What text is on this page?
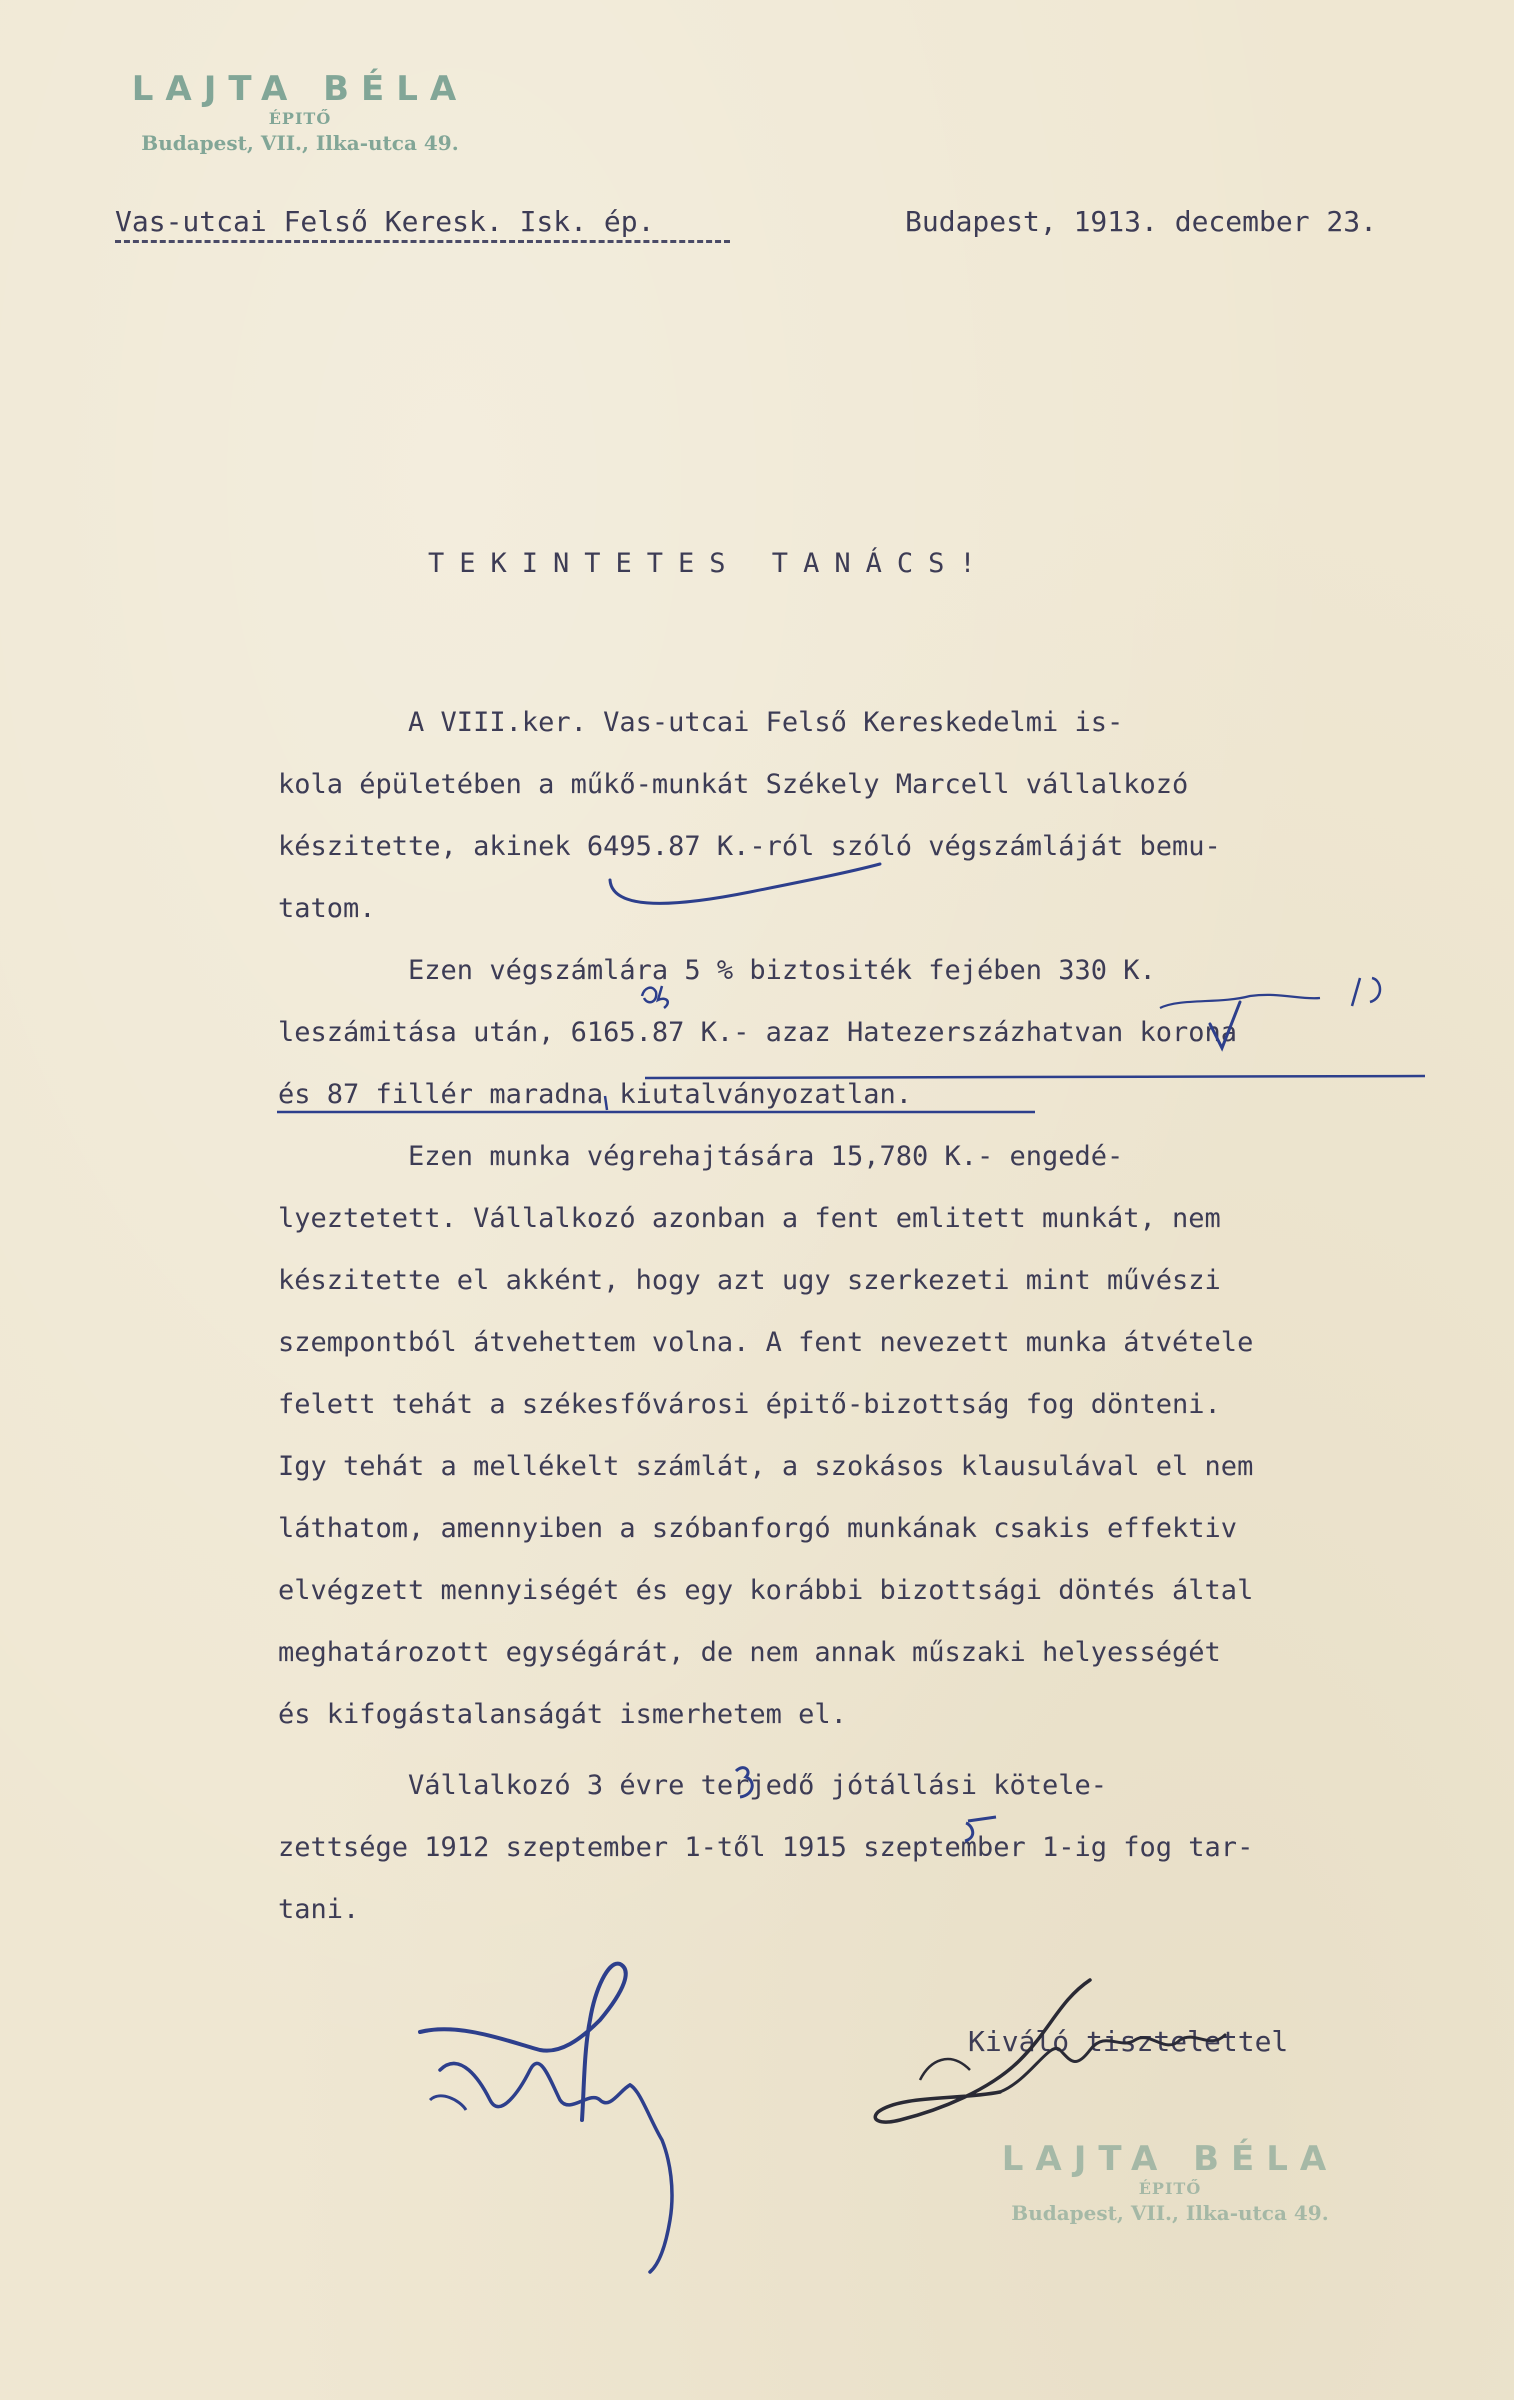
LAJTA BÉLA
ÉPITŐ
Budapest, VII., Ilka-utca 49.
Vas-utcai Felső Keresk. Isk. ép.	Budapest, 1913. december 23.
TEKINTETES TANÁCS!
A VIII.ker. Vas-utcai Felső Kereskedelmi is-
kola épületében a műkő-munkát Székely Marcell vállalkozó
készitette, akinek 6495.87 K.-ról szóló végszámláját bemu-
tatom.
Ezen végszámlára 5 % biztositék fejében 330 K.
leszámitása után, 6165.87 K.- azaz Hatezerszázhatvan korona
és 87 fillér maradna kiutalványozatlan.
Ezen munka végrehajtására 15,780 K.- engedé-
lyeztetett. Vállalkozó azonban a fent emlitett munkát, nem
készitette el akként, hogy azt ugy szerkezeti mint művészi
szempontból átvehettem volna. A fent nevezett munka átvétele
felett tehát a székesfővárosi épitő-bizottság fog dönteni.
Igy tehát a mellékelt számlát, a szokásos klausulával el nem
láthatom, amennyiben a szóbanforgó munkának csakis effektiv
elvégzett mennyiségét és egy korábbi bizottsági döntés által
meghatározott egységárát, de nem annak műszaki helyességét
és kifogástalanságát ismerhetem el.
Vállalkozó 3 évre terjedő jótállási kötele-
zettsége 1912 szeptember 1-től 1915 szeptember 1-ig fog tar-
tani.
Kiváló tisztelettel
LAJTA BÉLA
ÉPITŐ
Budapest, VII., Ilka-utca 49.
